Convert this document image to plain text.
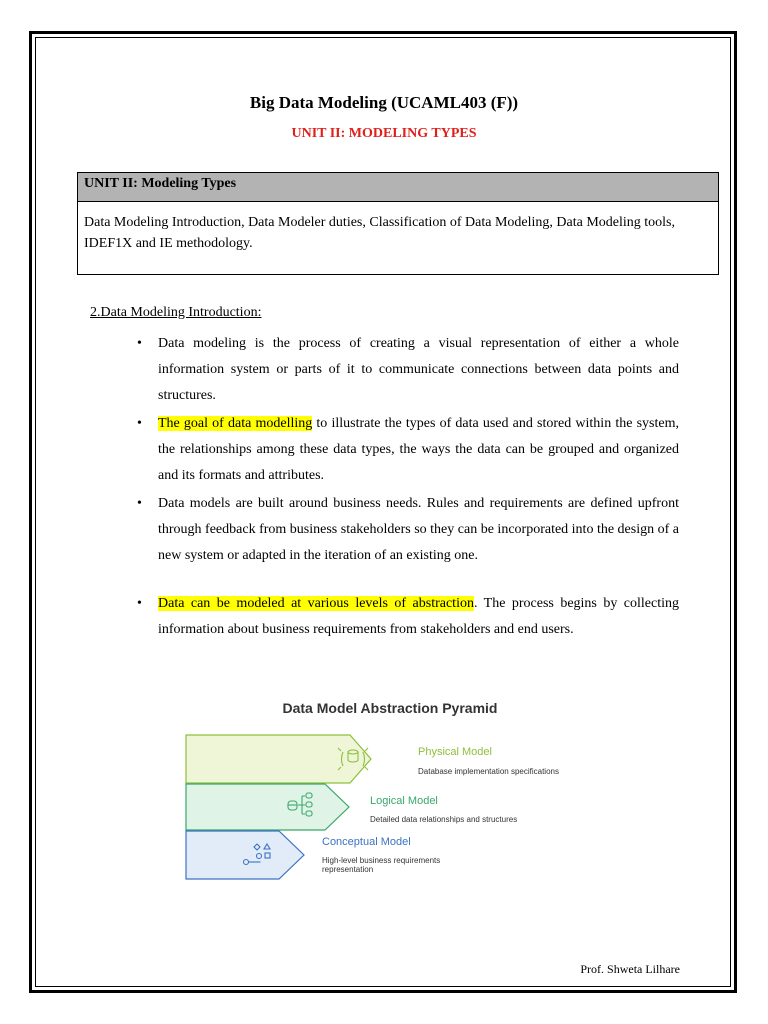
Big Data Modeling (UCAML403 (F))
UNIT II: MODELING TYPES
UNIT II: Modeling Types
Data Modeling Introduction, Data Modeler duties, Classification of Data Modeling, Data Modeling tools, IDEF1X and IE methodology.
2.Data Modeling Introduction:
• Data modeling is the process of creating a visual representation of either a whole information system or parts of it to communicate connections between data points and structures.
• The goal of data modelling to illustrate the types of data used and stored within the system, the relationships among these data types, the ways the data can be grouped and organized and its formats and attributes.
• Data models are built around business needs. Rules and requirements are defined upfront through feedback from business stakeholders so they can be incorporated into the design of a new system or adapted in the iteration of an existing one.
• Data can be modeled at various levels of abstraction. The process begins by collecting information about business requirements from stakeholders and end users.
Data Model Abstraction Pyramid
Physical Model
Database implementation specifications
Logical Model
Detailed data relationships and structures
Conceptual Model
High-level business requirements representation
Prof. Shweta Lilhare
